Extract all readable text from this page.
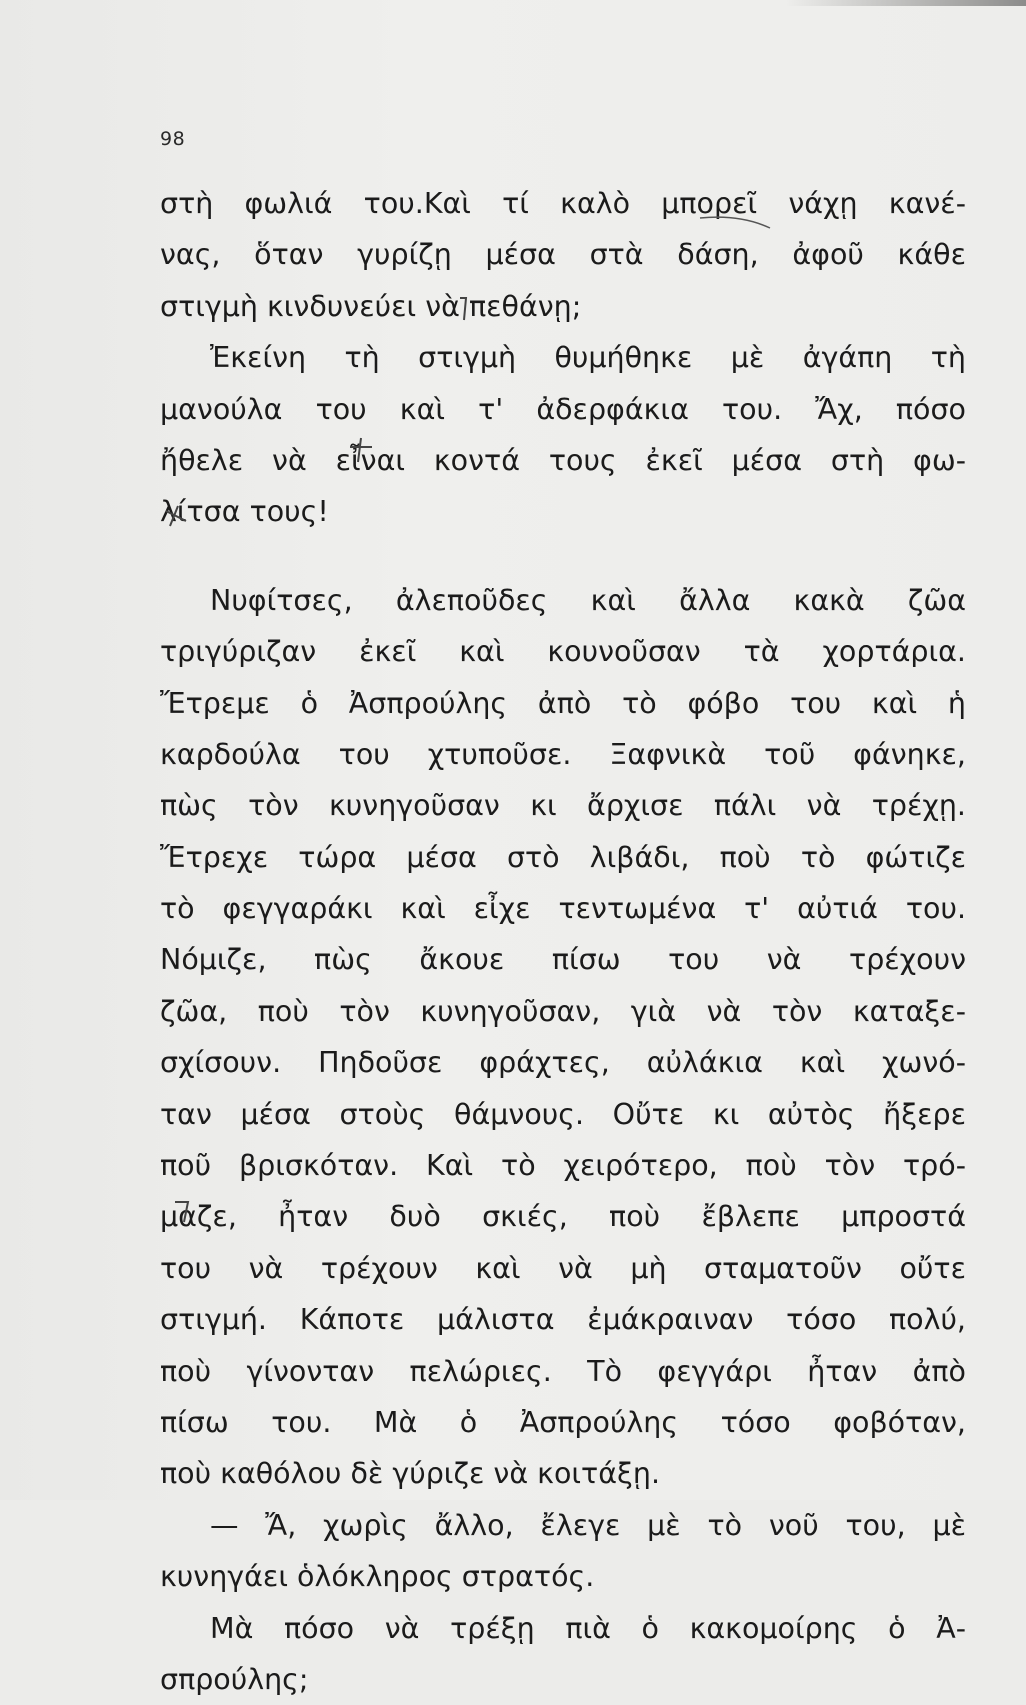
98
στὴ φωλιά του.Καὶ τί καλὸ μπορεῖ νάχῃ κανέ-
νας, ὅταν γυρίζῃ μέσα στὰ δάση, ἀφοῦ κάθε
στιγμὴ κινδυνεύει νὰ πεθάνῃ;
Ἐκείνη τὴ στιγμὴ θυμήθηκε μὲ ἀγάπη τὴ
μανούλα του καὶ τ' ἀδερφάκια του. Ἄχ, πόσο
ἤθελε νὰ εἶναι κοντά τους ἐκεῖ μέσα στὴ φω-
λίτσα τους!
Νυφίτσες, ἀλεποῦδες καὶ ἄλλα κακὰ ζῶα
τριγύριζαν ἐκεῖ καὶ κουνοῦσαν τὰ χορτάρια.
Ἔτρεμε ὁ Ἀσπρούλης ἀπὸ τὸ φόβο του καὶ ἡ
καρδούλα του χτυποῦσε. Ξαφνικὰ τοῦ φάνηκε,
πὼς τὸν κυνηγοῦσαν κι ἄρχισε πάλι νὰ τρέχῃ.
Ἔτρεχε τώρα μέσα στὸ λιβάδι, ποὺ τὸ φώτιζε
τὸ φεγγαράκι καὶ εἶχε τεντωμένα τ' αὐτιά του.
Νόμιζε, πὼς ἄκουε πίσω του νὰ τρέχουν
ζῶα, ποὺ τὸν κυνηγοῦσαν, γιὰ νὰ τὸν καταξε-
σχίσουν. Πηδοῦσε φράχτες, αὐλάκια καὶ χωνό-
ταν μέσα στοὺς θάμνους. Οὔτε κι αὐτὸς ἤξερε
ποῦ βρισκόταν. Καὶ τὸ χειρότερο, ποὺ τὸν τρό-
μαζε, ἦταν δυὸ σκιές, ποὺ ἔβλεπε μπροστά
του νὰ τρέχουν καὶ νὰ μὴ σταματοῦν οὔτε
στιγμή. Κάποτε μάλιστα ἐμάκραιναν τόσο πολύ,
ποὺ γίνονταν πελώριες. Τὸ φεγγάρι ἦταν ἀπὸ
πίσω του. Μὰ ὁ Ἀσπρούλης τόσο φοβόταν,
ποὺ καθόλου δὲ γύριζε νὰ κοιτάξῃ.
— Ἄ, χωρὶς ἄλλο, ἔλεγε μὲ τὸ νοῦ του, μὲ
κυνηγάει ὁλόκληρος στρατός.
Μὰ πόσο νὰ τρέξῃ πιὰ ὁ κακομοίρης ὁ Ἀ-
σπρούλης;
